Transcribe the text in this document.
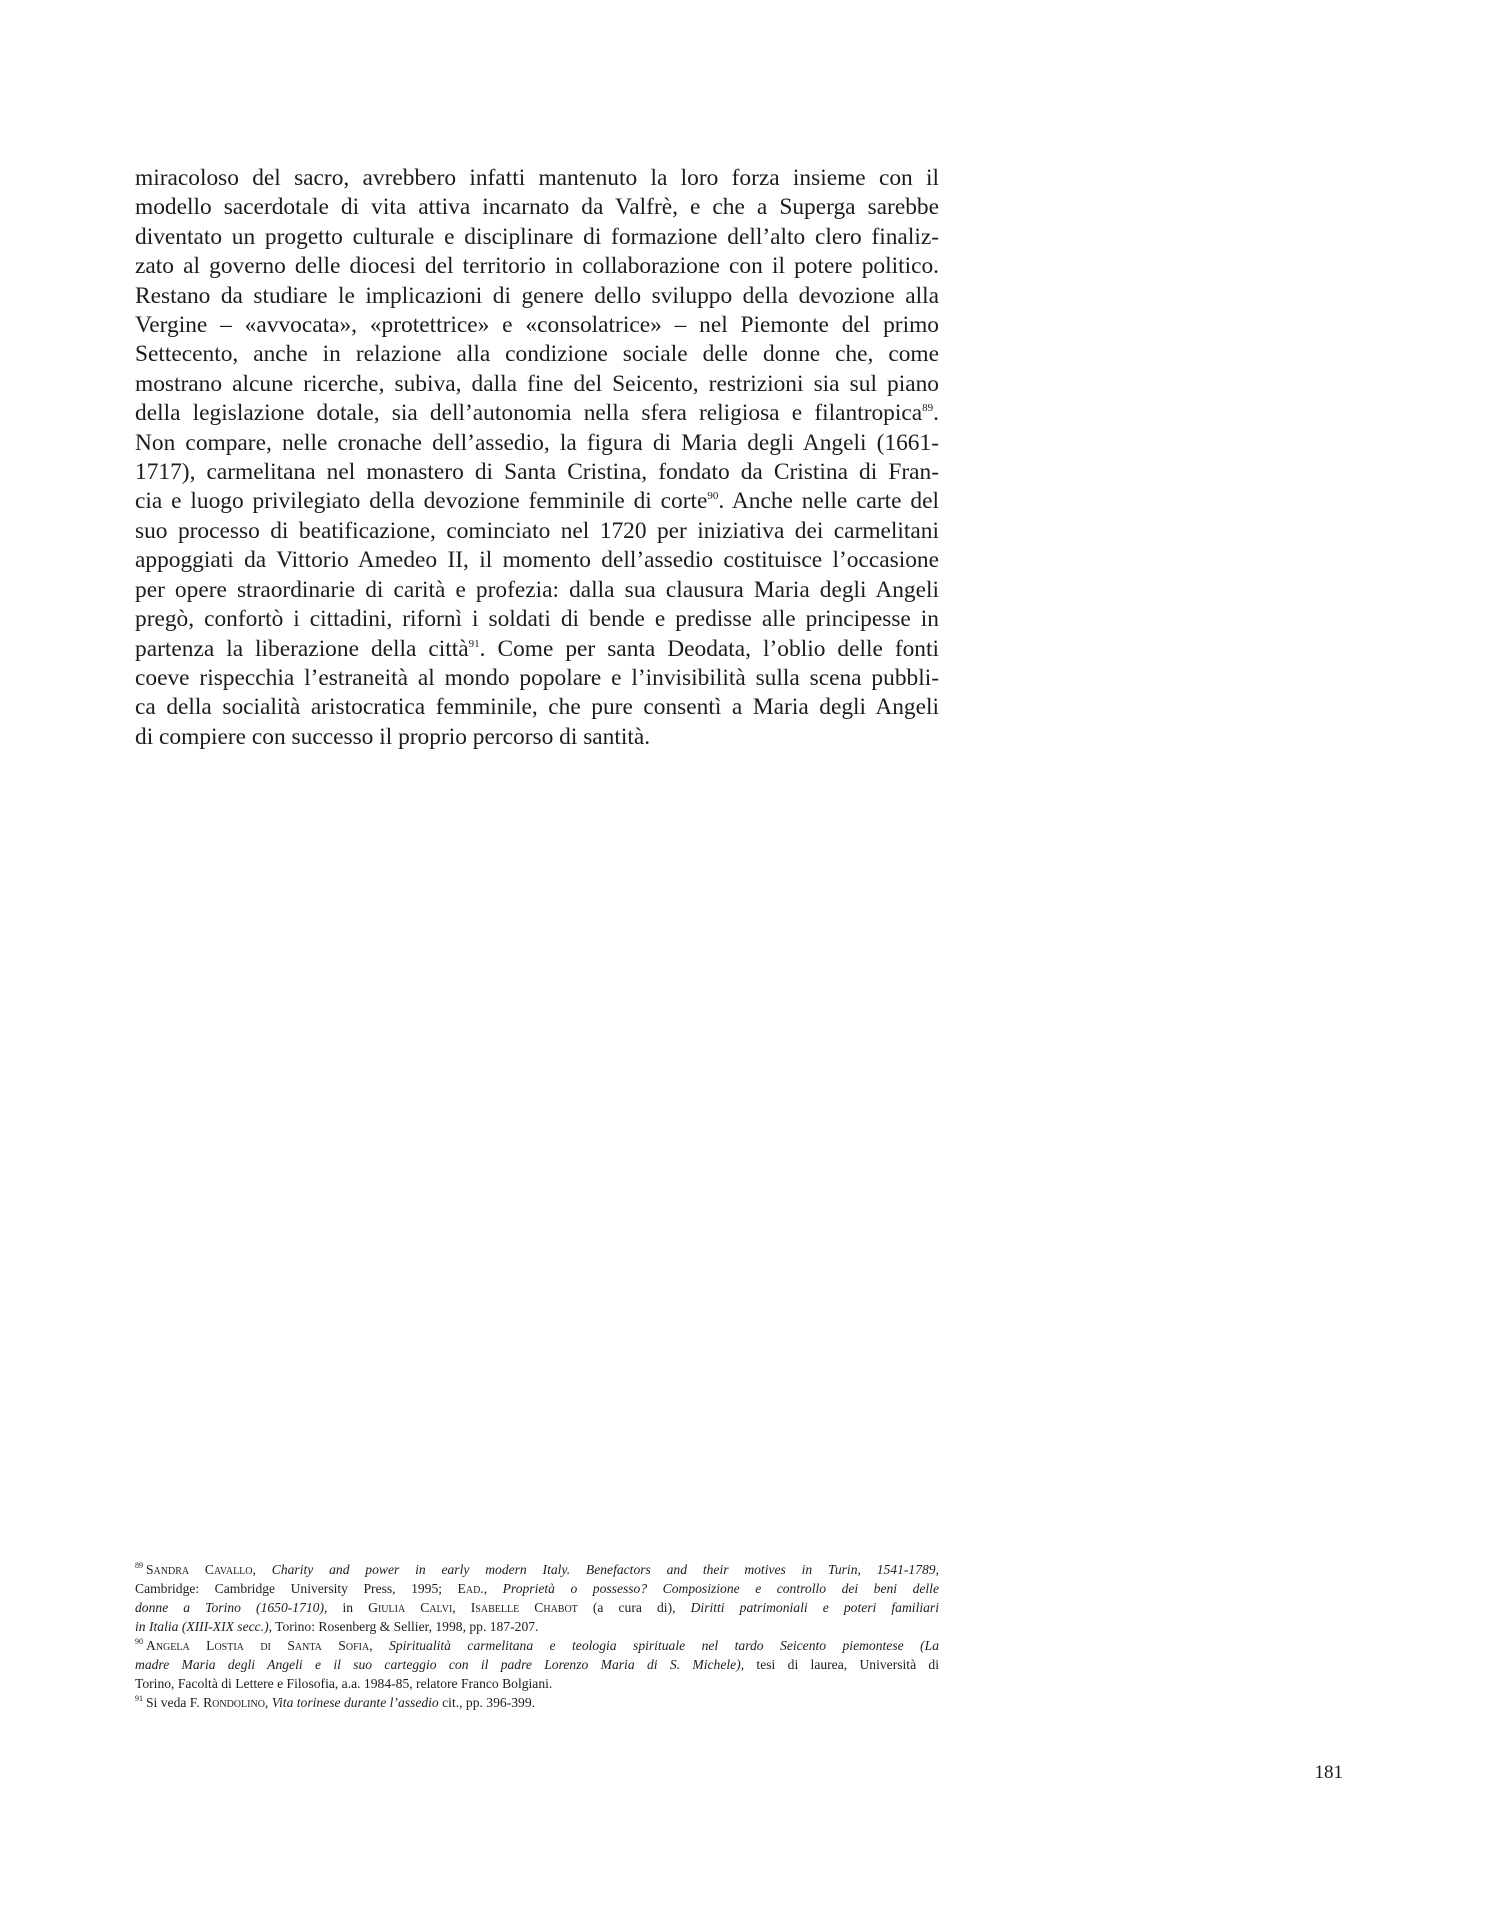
miracoloso del sacro, avrebbero infatti mantenuto la loro forza insieme con il
modello sacerdotale di vita attiva incarnato da Valfrè, e che a Superga sarebbe
diventato un progetto culturale e disciplinare di formazione dell’alto clero finaliz-
zato al governo delle diocesi del territorio in collaborazione con il potere politico.
Restano da studiare le implicazioni di genere dello sviluppo della devozione alla
Vergine – «avvocata», «protettrice» e «consolatrice» – nel Piemonte del primo
Settecento, anche in relazione alla condizione sociale delle donne che, come
mostrano alcune ricerche, subiva, dalla fine del Seicento, restrizioni sia sul piano
della legislazione dotale, sia dell’autonomia nella sfera religiosa e filantropica$^{89}$.
Non compare, nelle cronache dell’assedio, la figura di Maria degli Angeli (1661-
1717), carmelitana nel monastero di Santa Cristina, fondato da Cristina di Fran-
cia e luogo privilegiato della devozione femminile di corte$^{90}$. Anche nelle carte del
suo processo di beatificazione, cominciato nel 1720 per iniziativa dei carmelitani
appoggiati da Vittorio Amedeo II, il momento dell’assedio costituisce l’occasione
per opere straordinarie di carità e profezia: dalla sua clausura Maria degli Angeli
pregò, confortò i cittadini, rifornì i soldati di bende e predisse alle principesse in
partenza la liberazione della città$^{91}$. Come per santa Deodata, l’oblio delle fonti
coeve rispecchia l’estraneità al mondo popolare e l’invisibilità sulla scena pubbli-
ca della socialità aristocratica femminile, che pure consentì a Maria degli Angeli
di compiere con successo il proprio percorso di santità.
$^{89}$ Sandra Cavallo, Charity and power in early modern Italy. Benefactors and their motives in Turin, 1541-1789,
Cambridge: Cambridge University Press, 1995; Ead., Proprietà o possesso? Composizione e controllo dei beni delle
donne a Torino (1650-1710), in Giulia Calvi, Isabelle Chabot (a cura di), Diritti patrimoniali e poteri familiari
in Italia (XIII-XIX secc.), Torino: Rosenberg & Sellier, 1998, pp. 187-207.
$^{90}$ Angela Lostia di Santa Sofia, Spiritualità carmelitana e teologia spirituale nel tardo Seicento piemontese (La
madre Maria degli Angeli e il suo carteggio con il padre Lorenzo Maria di S. Michele), tesi di laurea, Università di
Torino, Facoltà di Lettere e Filosofia, a.a. 1984-85, relatore Franco Bolgiani.
$^{91}$ Si veda F. Rondolino, Vita torinese durante l’assedio cit., pp. 396-399.
181
